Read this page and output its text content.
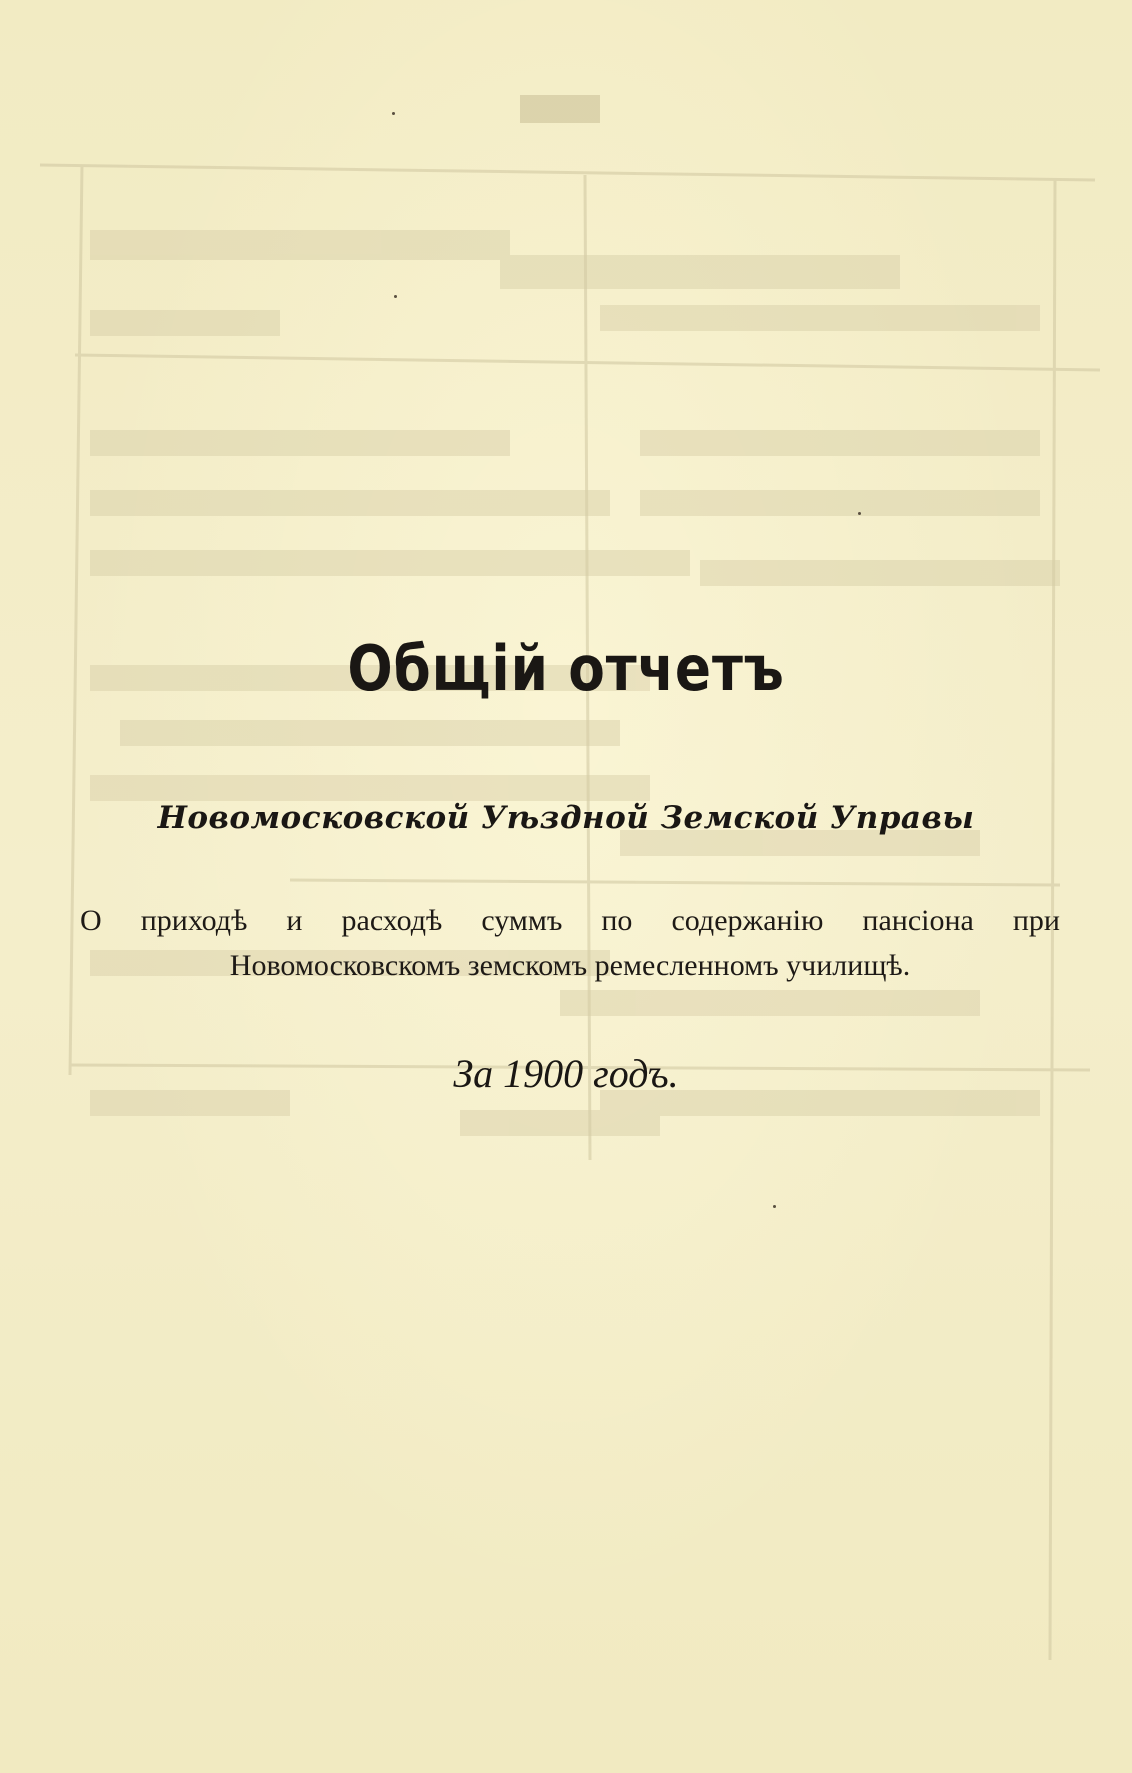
Общій отчетъ
Новомосковской Уѣздной Земской Управы
О приходѣ и расходѣ суммъ по содержанію пансіона при
Новомосковскомъ земскомъ ремесленномъ училищѣ.
За 1900 годъ.
